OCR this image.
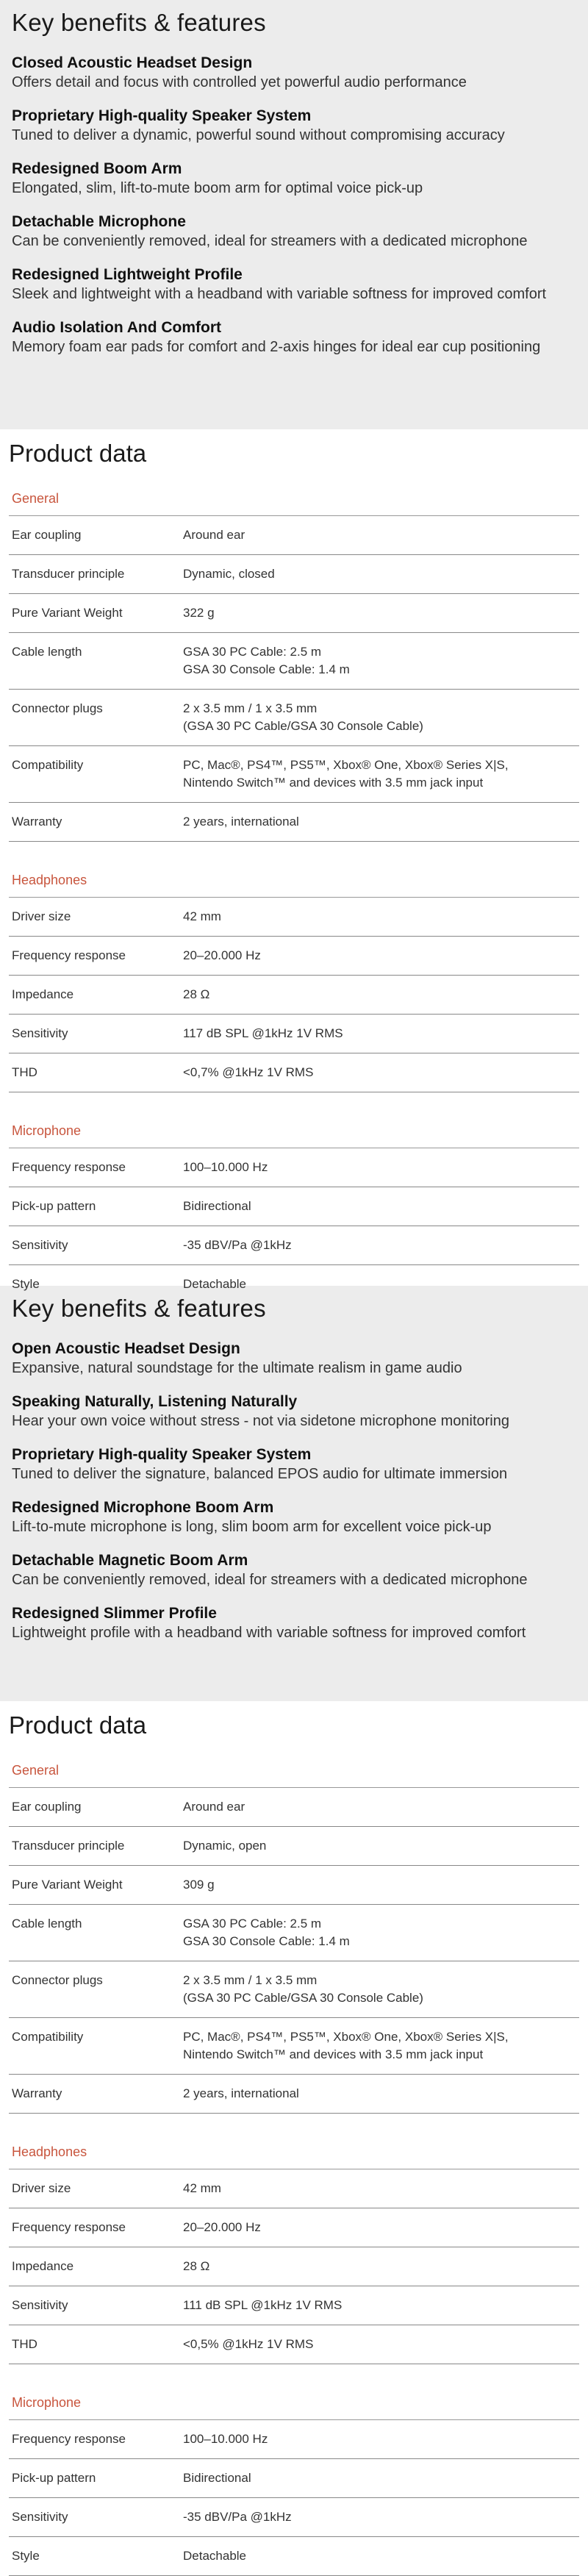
Key benefits & features
Closed Acoustic Headset Design
Offers detail and focus with controlled yet powerful audio performance
Proprietary High-quality Speaker System
Tuned to deliver a dynamic, powerful sound without compromising accuracy
Redesigned Boom Arm
Elongated, slim, lift-to-mute boom arm for optimal voice pick-up
Detachable Microphone
Can be conveniently removed, ideal for streamers with a dedicated microphone
Redesigned Lightweight Profile
Sleek and lightweight with a headband with variable softness for improved comfort
Audio Isolation And Comfort
Memory foam ear pads for comfort and 2-axis hinges for ideal ear cup positioning
Product data
General
Ear coupling	Around ear
Transducer principle	Dynamic, closed
Pure Variant Weight	322 g
Cable length	GSA 30 PC Cable: 2.5 m
GSA 30 Console Cable: 1.4 m
Connector plugs	2 x 3.5 mm / 1 x 3.5 mm
(GSA 30 PC Cable/GSA 30 Console Cable)
Compatibility	PC, Mac®, PS4™, PS5™, Xbox® One, Xbox® Series X|S,
Nintendo Switch™ and devices with 3.5 mm jack input
Warranty	2 years, international
Headphones
Driver size	42 mm
Frequency response	20–20.000 Hz
Impedance	28 Ω
Sensitivity	117 dB SPL @1kHz 1V RMS
THD	<0,7% @1kHz 1V RMS
Microphone
Frequency response	100–10.000 Hz
Pick-up pattern	Bidirectional
Sensitivity	-35 dBV/Pa @1kHz
Style	Detachable
Key benefits & features
Open Acoustic Headset Design
Expansive, natural soundstage for the ultimate realism in game audio
Speaking Naturally, Listening Naturally
Hear your own voice without stress - not via sidetone microphone monitoring
Proprietary High-quality Speaker System
Tuned to deliver the signature, balanced EPOS audio for ultimate immersion
Redesigned Microphone Boom Arm
Lift-to-mute microphone is long, slim boom arm for excellent voice pick-up
Detachable Magnetic Boom Arm
Can be conveniently removed, ideal for streamers with a dedicated microphone
Redesigned Slimmer Profile
Lightweight profile with a headband with variable softness for improved comfort
Product data
General
Ear coupling	Around ear
Transducer principle	Dynamic, open
Pure Variant Weight	309 g
Cable length	GSA 30 PC Cable: 2.5 m
GSA 30 Console Cable: 1.4 m
Connector plugs	2 x 3.5 mm / 1 x 3.5 mm
(GSA 30 PC Cable/GSA 30 Console Cable)
Compatibility	PC, Mac®, PS4™, PS5™, Xbox® One, Xbox® Series X|S,
Nintendo Switch™ and devices with 3.5 mm jack input
Warranty	2 years, international
Headphones
Driver size	42 mm
Frequency response	20–20.000 Hz
Impedance	28 Ω
Sensitivity	111 dB SPL @1kHz 1V RMS
THD	<0,5% @1kHz 1V RMS
Microphone
Frequency response	100–10.000 Hz
Pick-up pattern	Bidirectional
Sensitivity	-35 dBV/Pa @1kHz
Style	Detachable
